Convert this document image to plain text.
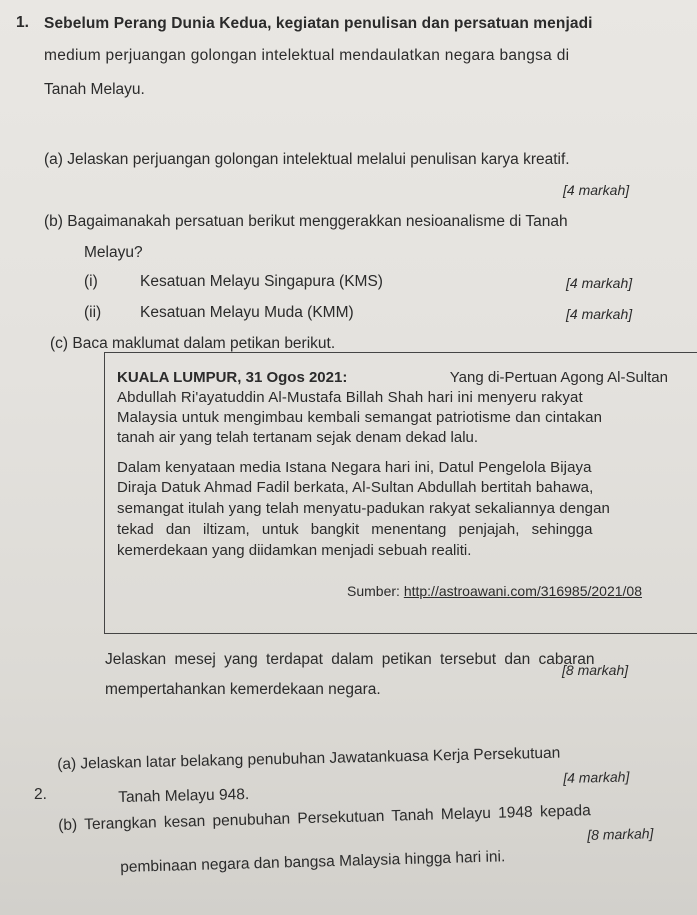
1. Sebelum Perang Dunia Kedua, kegiatan penulisan dan persatuan menjadi
medium perjuangan golongan intelektual mendaulatkan negara bangsa di
Tanah Melayu.
(a) Jelaskan perjuangan golongan intelektual melalui penulisan karya kreatif.
[4 markah]
(b) Bagaimanakah persatuan berikut menggerakkan nesioanalisme di Tanah
Melayu?
(i)	Kesatuan Melayu Singapura (KMS)	[4 markah]
(ii)	Kesatuan Melayu Muda (KMM)	[4 markah]
(c) Baca maklumat dalam petikan berikut.
KUALA LUMPUR, 31 Ogos 2021:	Yang di-Pertuan Agong Al-Sultan
Abdullah Ri'ayatuddin Al-Mustafa Billah Shah hari ini menyeru rakyat
Malaysia untuk mengimbau kembali semangat patriotisme dan cintakan
tanah air yang telah tertanam sejak denam dekad lalu.
Dalam kenyataan media Istana Negara hari ini, Datul Pengelola Bijaya
Diraja Datuk Ahmad Fadil berkata, Al-Sultan Abdullah bertitah bahawa,
semangat itulah yang telah menyatu-padukan rakyat sekaliannya dengan
tekad dan iltizam, untuk bangkit menentang penjajah, sehingga
kemerdekaan yang diidamkan menjadi sebuah realiti.
Sumber: http://astroawani.com/316985/2021/08
Jelaskan mesej yang terdapat dalam petikan tersebut dan cabaran
[8 markah]
mempertahankan kemerdekaan negara.
2.
(a) Jelaskan latar belakang penubuhan Jawatankuasa Kerja Persekutuan
[4 markah]
Tanah Melayu 948.
(b) Terangkan kesan penubuhan Persekutuan Tanah Melayu 1948 kepada
[8 markah]
pembinaan negara dan bangsa Malaysia hingga hari ini.
